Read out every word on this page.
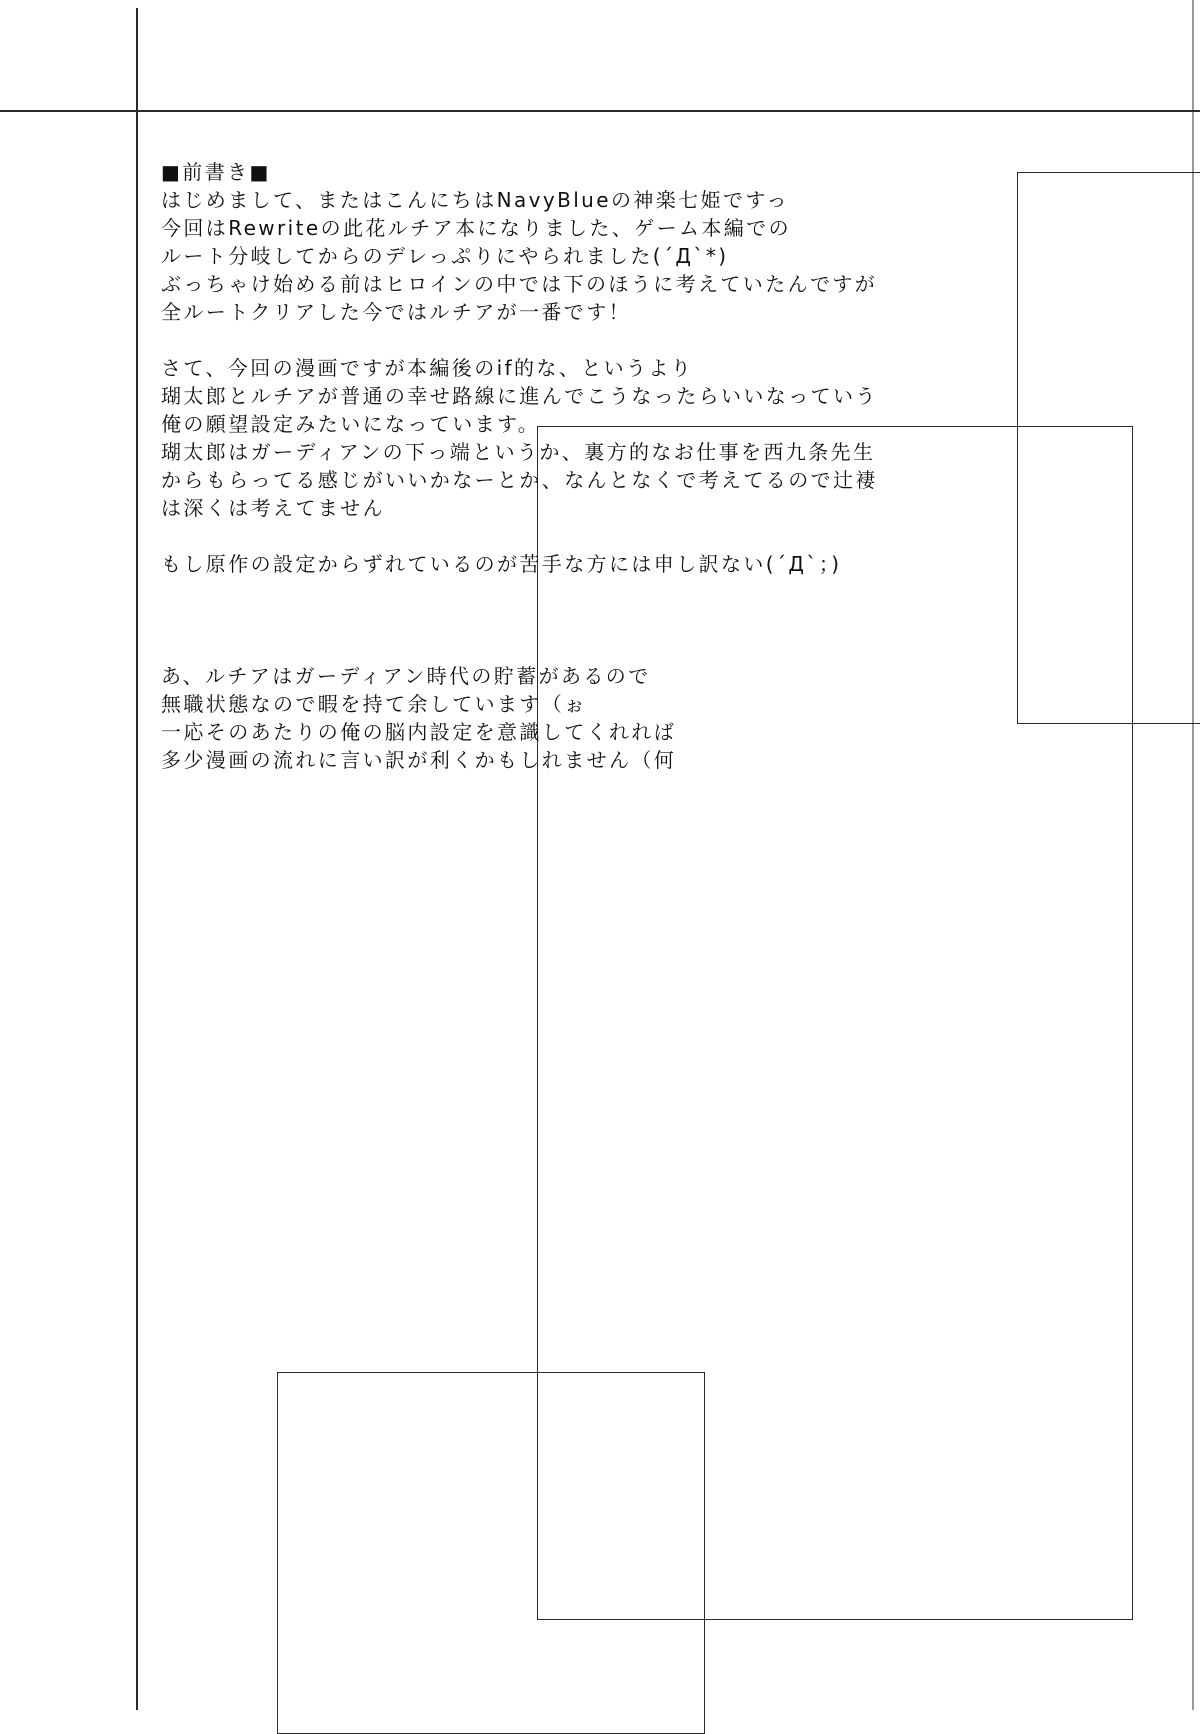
■前書き■

はじめまして、またはこんにちはNavyBlueの神楽七姫ですっ

今回はRewriteの此花ルチア本になりました、ゲーム本編での

ルート分岐してからのデレっぷりにやられました(´Д`*)

ぶっちゃけ始める前はヒロインの中では下のほうに考えていたんですが

全ルートクリアした今ではルチアが一番です！

さて、今回の漫画ですが本編後のif的な、というより

瑚太郎とルチアが普通の幸せ路線に進んでこうなったらいいなっていう

俺の願望設定みたいになっています。

瑚太郎はガーディアンの下っ端というか、裏方的なお仕事を西九条先生

からもらってる感じがいいかなーとか、なんとなくで考えてるので辻褄

は深くは考えてません

もし原作の設定からずれているのが苦手な方には申し訳ない(´Д`；)

あ、ルチアはガーディアン時代の貯蓄があるので

無職状態なので暇を持て余しています（ぉ

一応そのあたりの俺の脳内設定を意識してくれれば

多少漫画の流れに言い訳が利くかもしれません（何
